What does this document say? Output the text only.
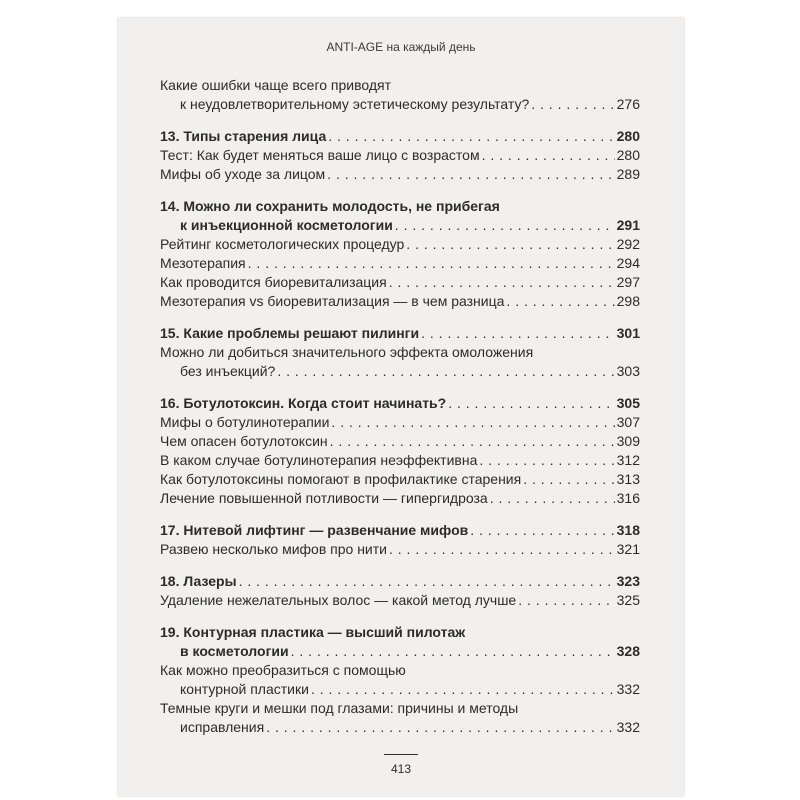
ANTI-AGE на каждый день
Какие ошибки чаще всего приводят
к неудовлетворительному эстетическому результату? . . .	276
13. Типы старения лица . . .	280
Тест: Как будет меняться ваше лицо с возрастом . . .	280
Мифы об уходе за лицом . . .	289
14. Можно ли сохранить молодость, не прибегая
к инъекционной косметологии . . .	291
Рейтинг косметологических процедур . . .	292
Мезотерапия . . .	294
Как проводится биоревитализация . . .	297
Мезотерапия vs биоревитализация — в чем разница . . .	298
15. Какие проблемы решают пилинги . . .	301
Можно ли добиться значительного эффекта омоложения
без инъекций? . . .	303
16. Ботулотоксин. Когда стоит начинать? . . .	305
Мифы о ботулинотерапии . . .	307
Чем опасен ботулотоксин . . .	309
В каком случае ботулинотерапия неэффективна . . .	312
Как ботулотоксины помогают в профилактике старения . . .	313
Лечение повышенной потливости — гипергидроза . . .	316
17. Нитевой лифтинг — развенчание мифов . . .	318
Развею несколько мифов про нити . . .	321
18. Лазеры . . .	323
Удаление нежелательных волос — какой метод лучше . . .	325
19. Контурная пластика — высший пилотаж
в косметологии . . .	328
Как можно преобразиться с помощью
контурной пластики . . .	332
Темные круги и мешки под глазами: причины и методы
исправления . . .	332
413
